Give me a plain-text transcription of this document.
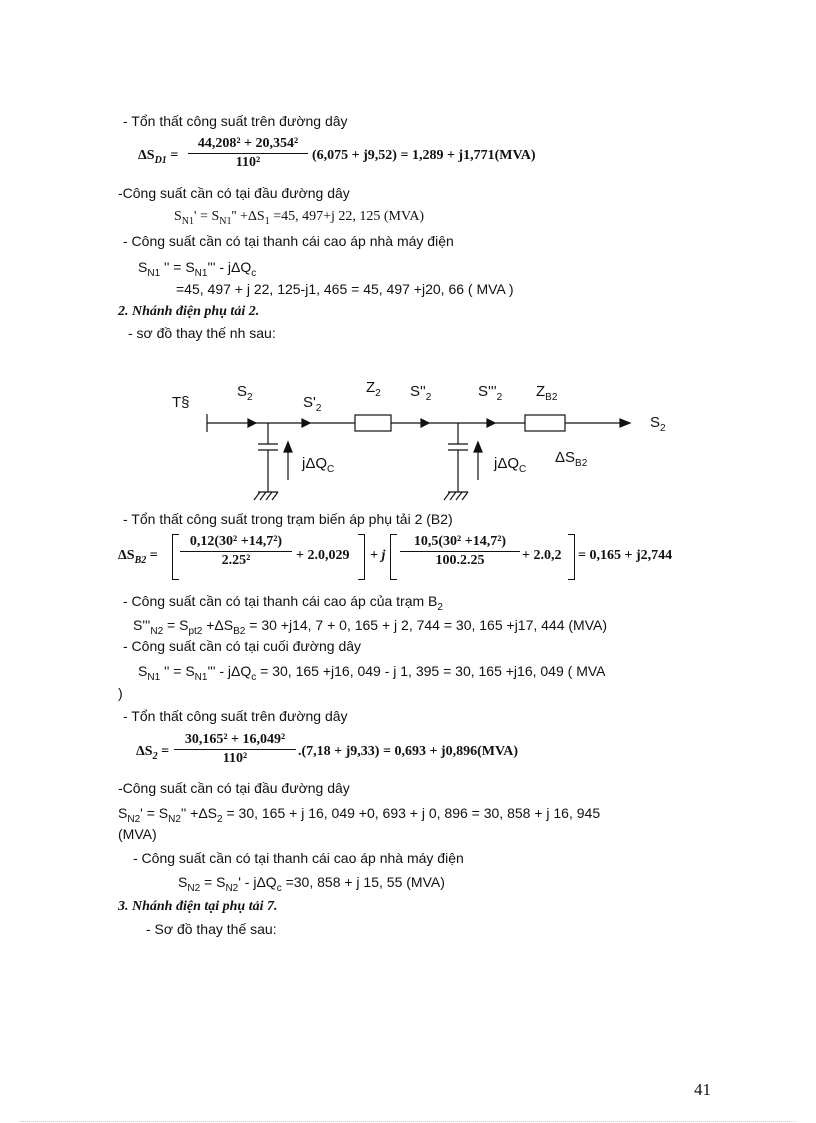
- Tổn thất công suất trên đường dây
$\Delta S_{D1}$ =
44,208² + 20,354²
110²	(6,075 + j9,52) = 1,289 + j1,771(MVA)
-Công suất cần có tại đầu đường dây
$S_{N1}' = S_{N1}'' +\Delta S_1 =45$, 497+j 22, 125 (MVA)
- Công suất cần có tại thanh cái cao áp nhà máy điện
$S_{N1}$ '' = $S_{N1}''' - j\Delta Q_c$
=45, 497 + j 22, 125-j1, 465 = 45, 497 +j20, 66 ( MVA )
2. Nhánh điện phụ tải 2.
- sơ đồ thay thế nh sau:
T§
$S_2$	$S'_2$
$Z_2$ $S''_2$	$S'''_2$ $Z_{B2}$
$S_2$
jΔQ$_C$	jΔQ$_C$
$\Delta S_{B2}$
- Tổn thất công suất trong trạm biến áp phụ tải 2 (B2)
$\Delta S_{B2}$ =
0,12(30² +14,7²)
2.25²	+ 2.0,029 + j
10,5(30² +14,7²)
100.2.25	+ 2.0,2 = 0,165 + j2,744
- Công suất cần có tại thanh cái cao áp của trạm $B_2$
$S'''_{N2} = S_{pt2} +\Delta S_{B2} = 30 +j14$, 7 + 0, 165 + j 2, 744 = 30, 165 +j17, 444 (MVA)
- Công suất cần có tại cuối đường dây
$S_{N1}$ '' = $S_{N1}''' - j\Delta Q_c = 30$, 165 +j16, 049 - j 1, 395 = 30, 165 +j16, 049 ( MVA
)
- Tổn thất công suất trên đường dây
$\Delta S_2$ =
30,165² + 16,049²
110²	.(7,18 + j9,33) = 0,693 + j0,896(MVA)
-Công suất cần có tại đầu đường dây
$S_{N2}' = S_{N2}'' +\Delta S_2 = 30$, 165 + j 16, 049 +0, 693 + j 0, 896 = 30, 858 + j 16, 945
(MVA)
- Công suất cần có tại thanh cái cao áp nhà máy điện
$S_{N2} = S_{N2}' - j\Delta Q_c =30$, 858 + j 15, 55 (MVA)
3. Nhánh điện tại phụ tải 7.
- Sơ đồ thay thế sau:
41
